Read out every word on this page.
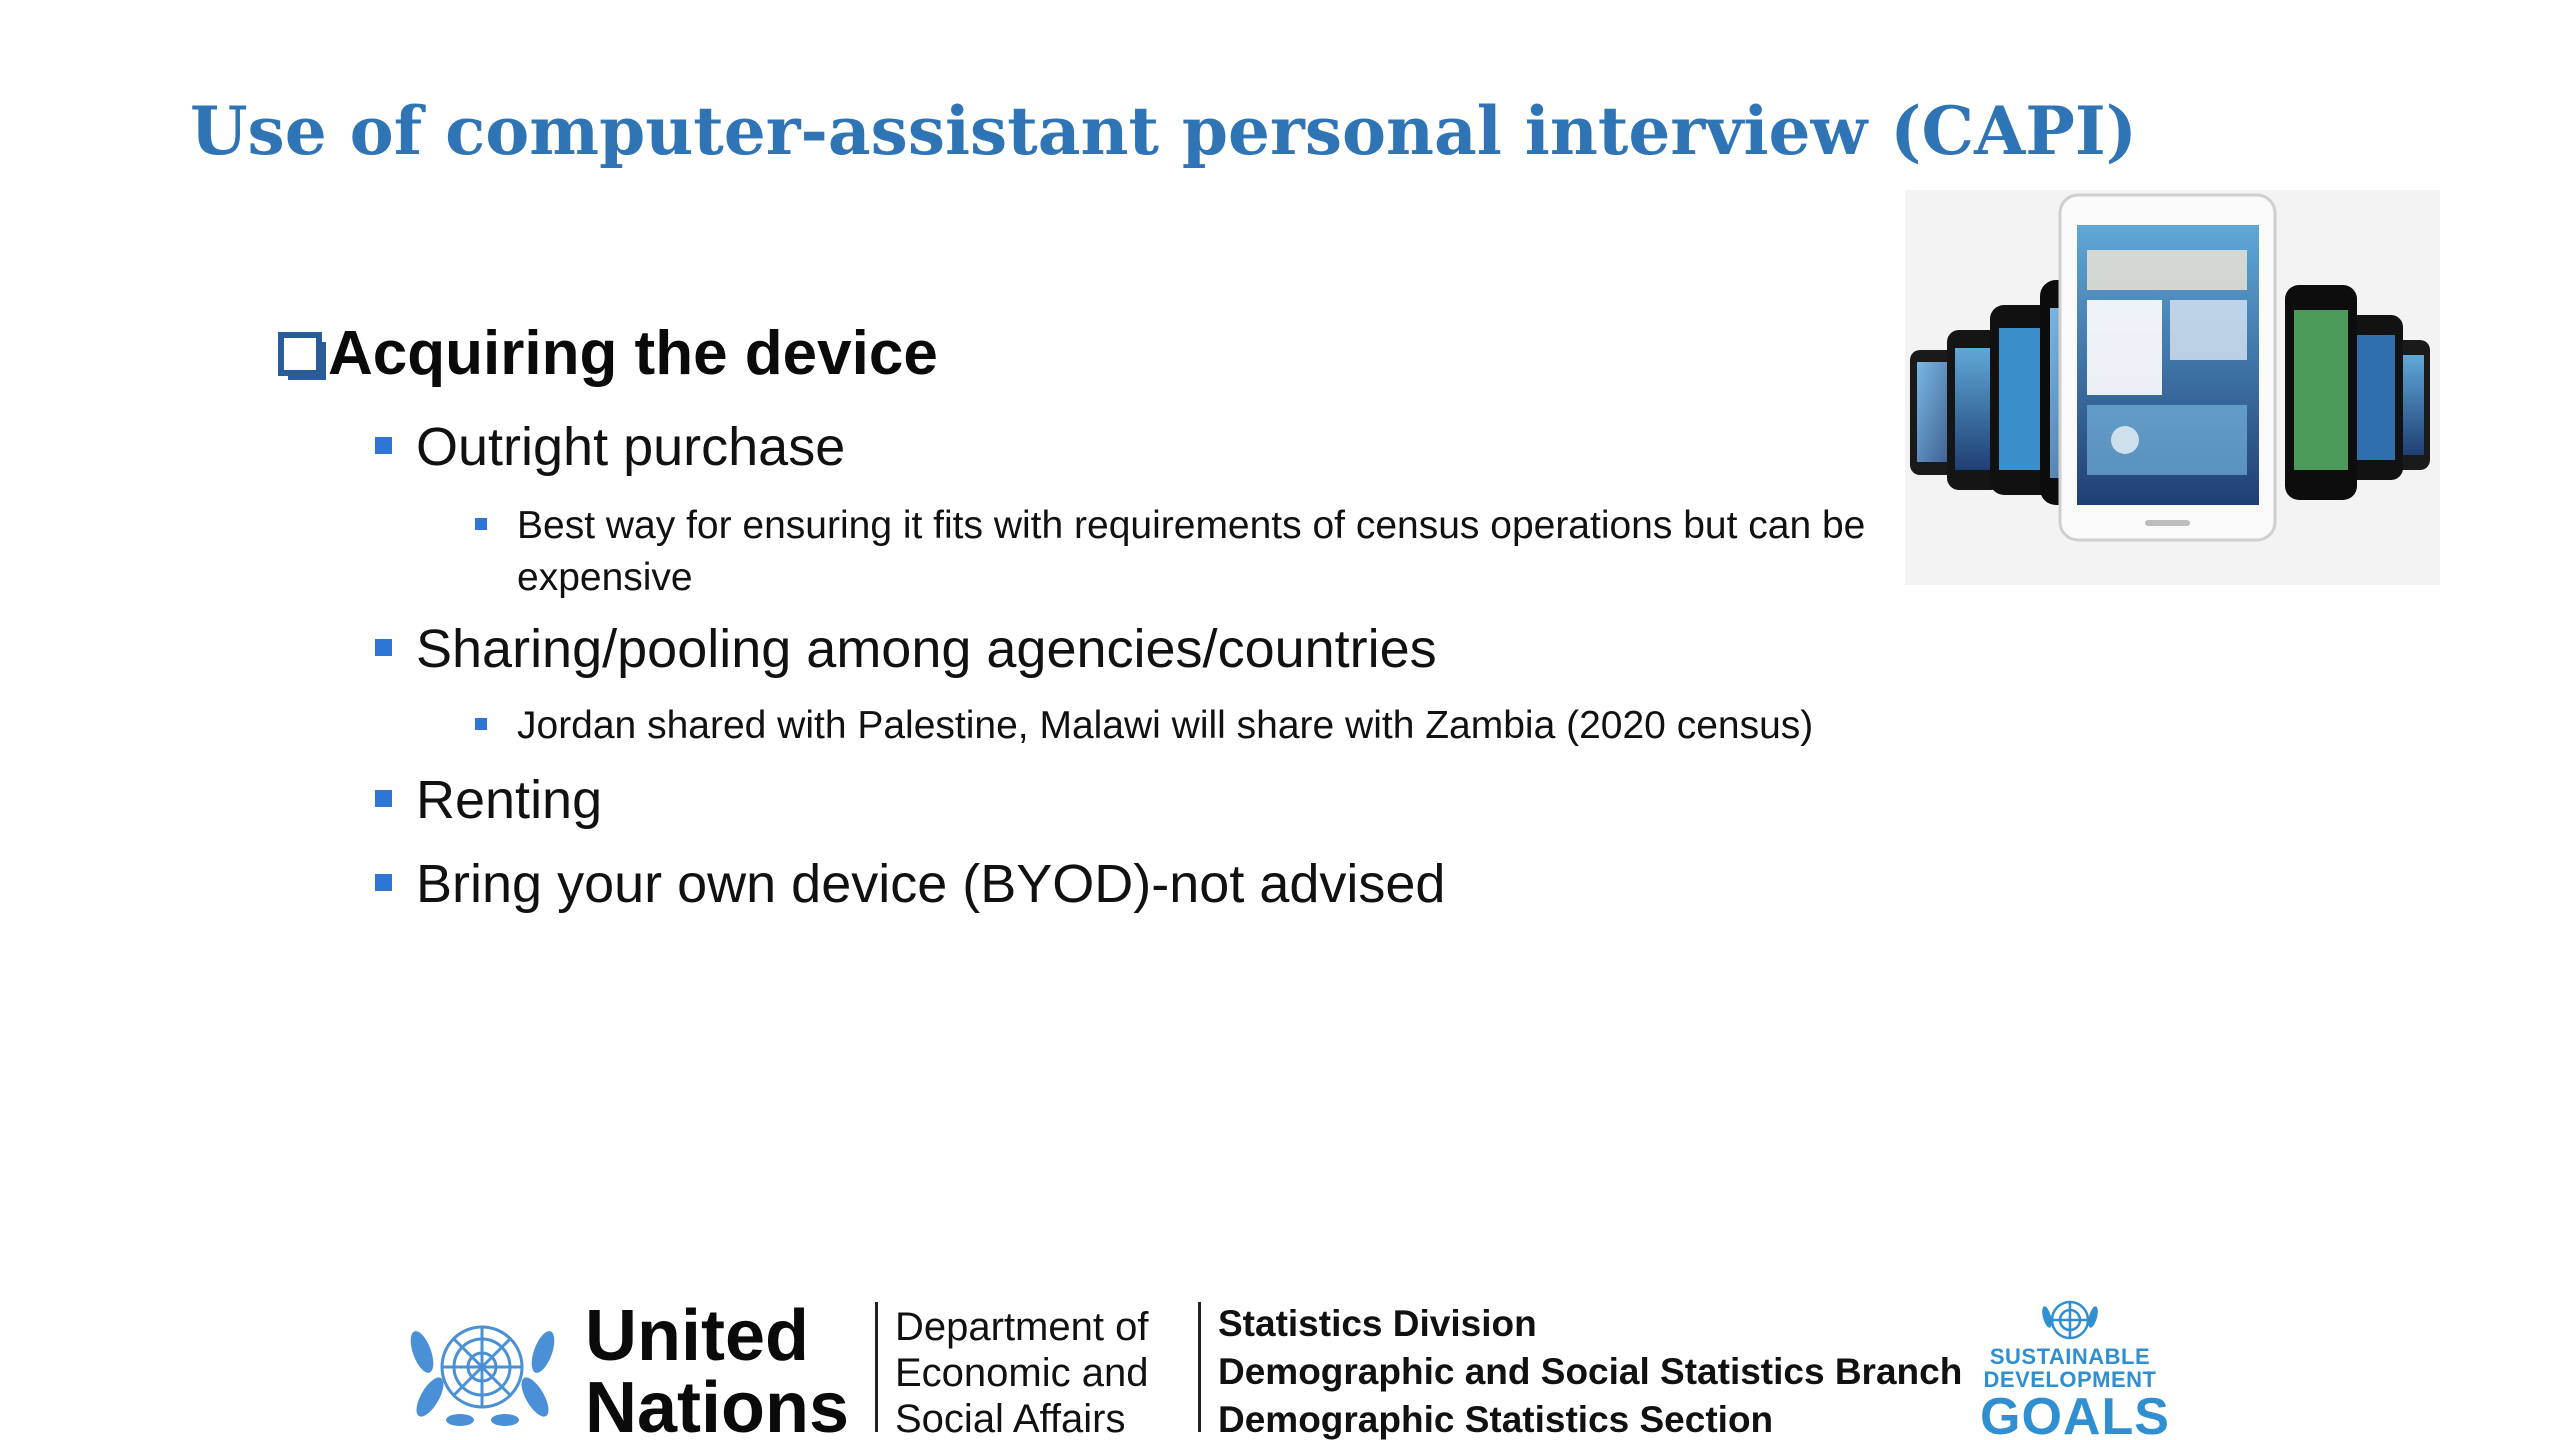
Use of computer-assistant personal interview (CAPI)
Acquiring the device
Outright purchase
Best way for ensuring it fits with requirements of census operations but can be expensive
Sharing/pooling among agencies/countries
Jordan shared with Palestine, Malawi will share with Zambia (2020 census)
Renting
Bring your own device (BYOD)-not advised
United
Nations
Department of
Economic and
Social Affairs
Statistics Division
Demographic and Social Statistics Branch
Demographic Statistics Section
SUSTAINABLE
DEVELOPMENT
GOALS
